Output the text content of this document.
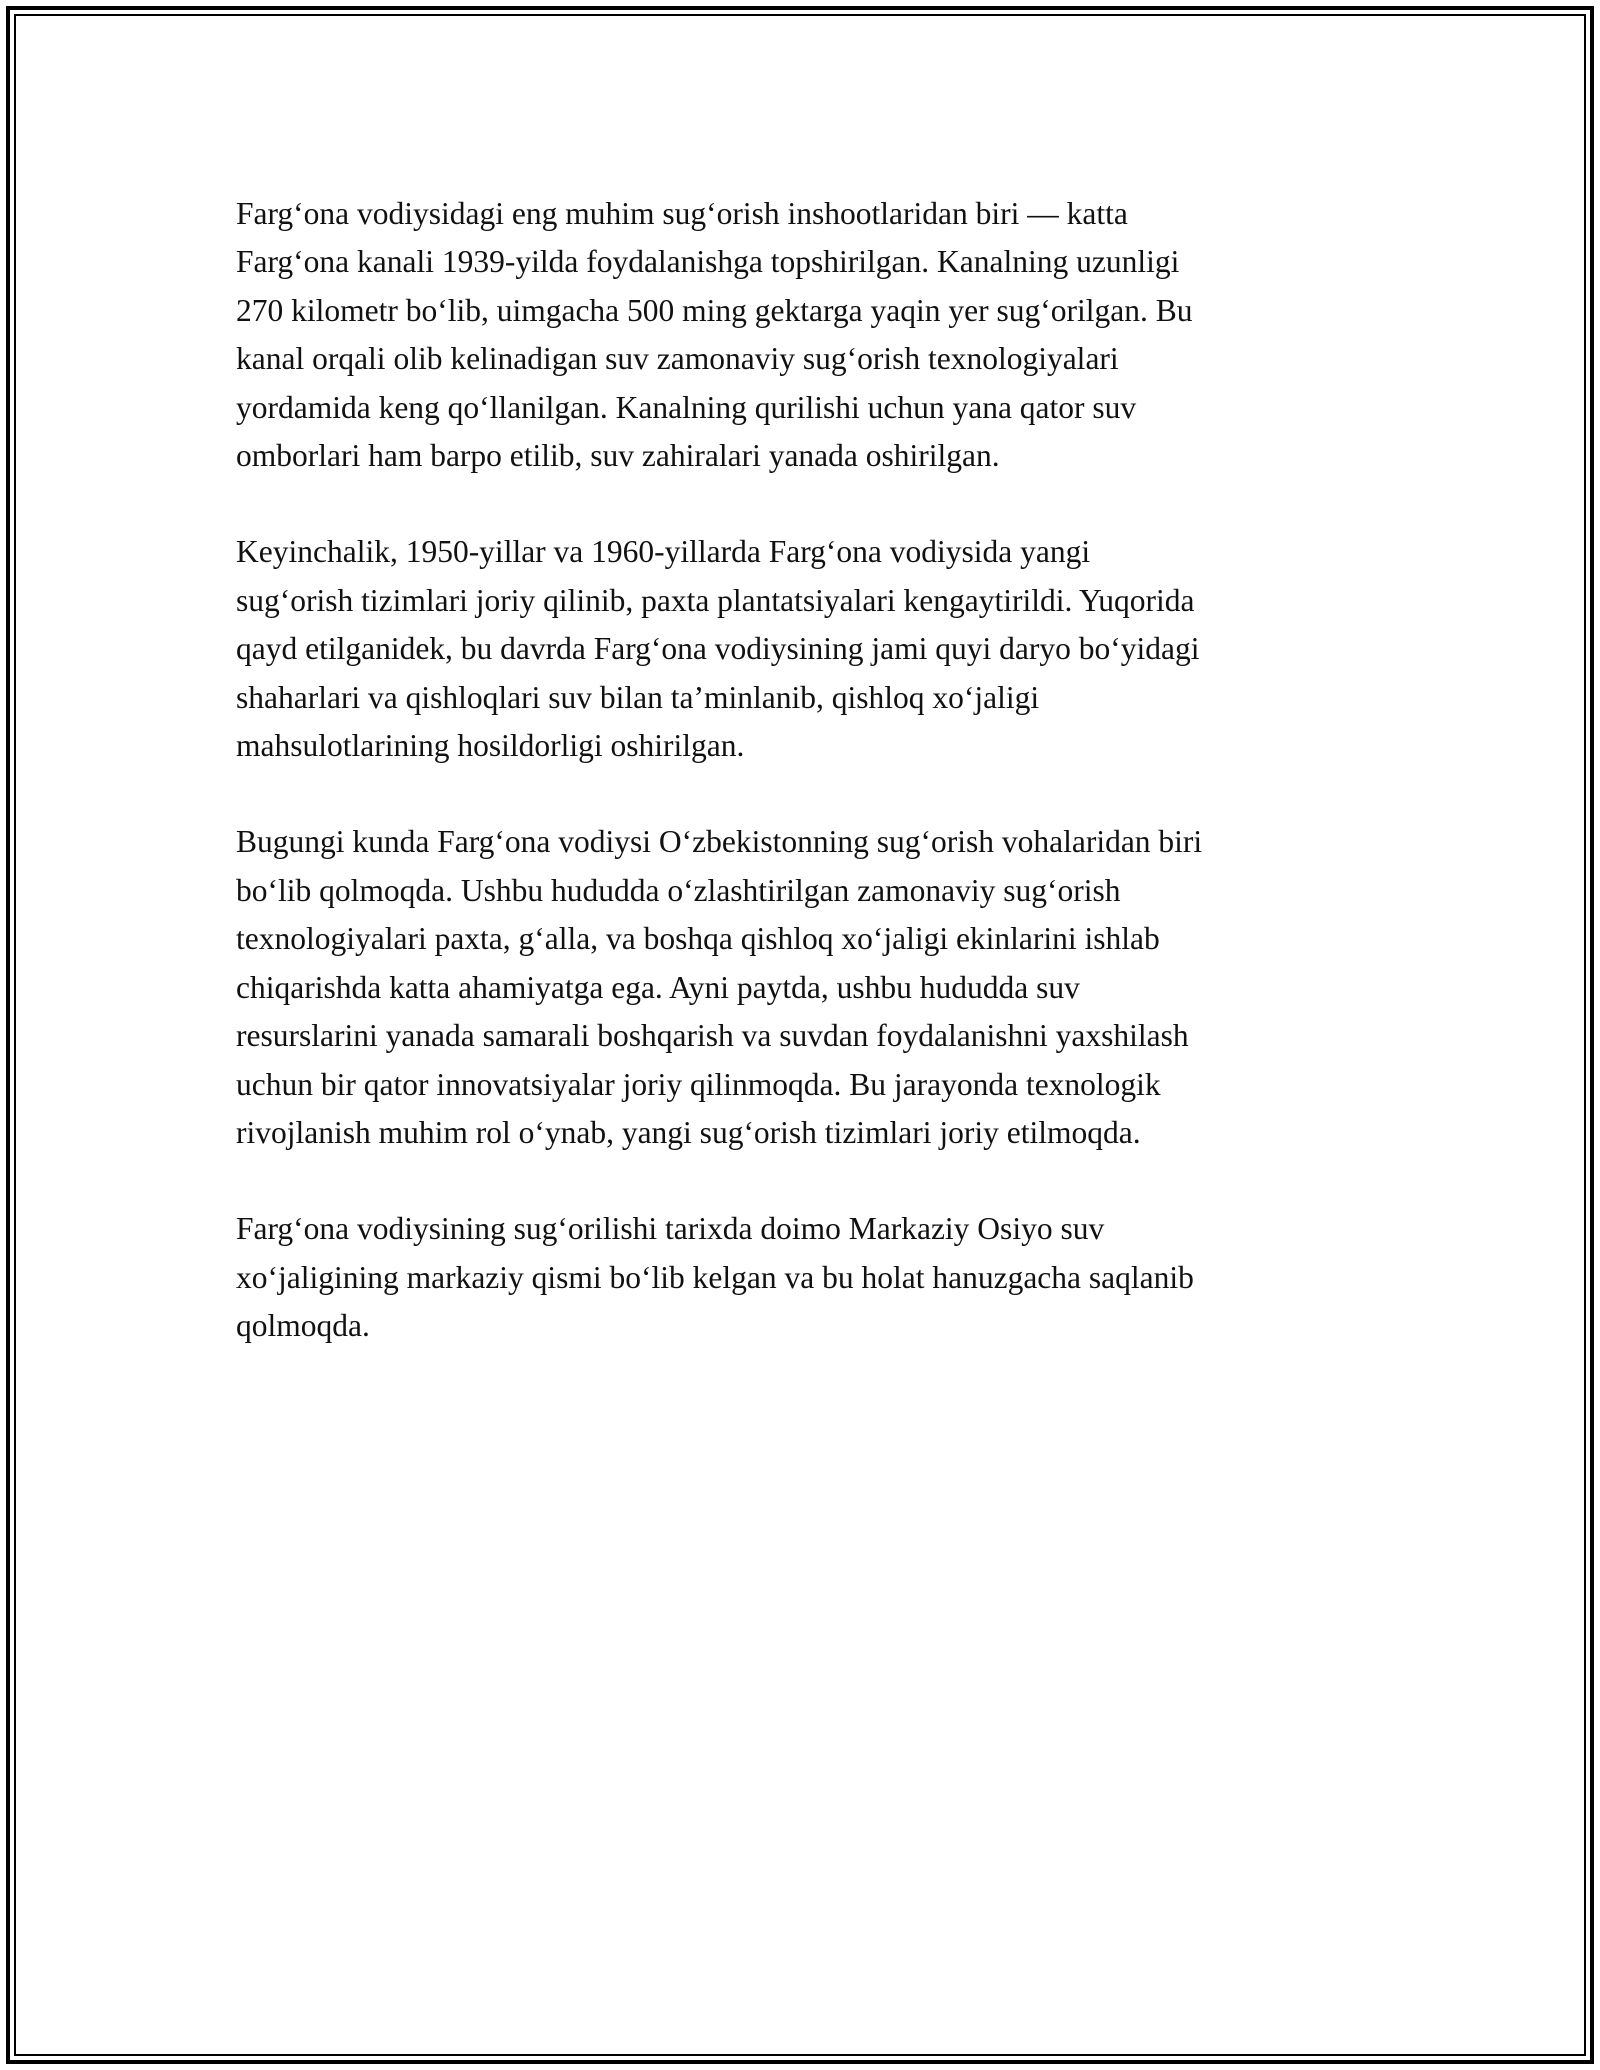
Farg‘ona vodiysidagi eng muhim sug‘orish inshootlaridan biri — katta
Farg‘ona kanali 1939-yilda foydalanishga topshirilgan. Kanalning uzunligi
270 kilometr bo‘lib, uimgacha 500 ming gektarga yaqin yer sug‘orilgan. Bu
kanal orqali olib kelinadigan suv zamonaviy sug‘orish texnologiyalari
yordamida keng qo‘llanilgan. Kanalning qurilishi uchun yana qator suv
omborlari ham barpo etilib, suv zahiralari yanada oshirilgan.

Keyinchalik, 1950-yillar va 1960-yillarda Farg‘ona vodiysida yangi
sug‘orish tizimlari joriy qilinib, paxta plantatsiyalari kengaytirildi. Yuqorida
qayd etilganidek, bu davrda Farg‘ona vodiysining jami quyi daryo bo‘yidagi
shaharlari va qishloqlari suv bilan ta’minlanib, qishloq xo‘jaligi
mahsulotlarining hosildorligi oshirilgan.

Bugungi kunda Farg‘ona vodiysi O‘zbekistonning sug‘orish vohalaridan biri
bo‘lib qolmoqda. Ushbu hududda o‘zlashtirilgan zamonaviy sug‘orish
texnologiyalari paxta, g‘alla, va boshqa qishloq xo‘jaligi ekinlarini ishlab
chiqarishda katta ahamiyatga ega. Ayni paytda, ushbu hududda suv
resurslarini yanada samarali boshqarish va suvdan foydalanishni yaxshilash
uchun bir qator innovatsiyalar joriy qilinmoqda. Bu jarayonda texnologik
rivojlanish muhim rol o‘ynab, yangi sug‘orish tizimlari joriy etilmoqda.

Farg‘ona vodiysining sug‘orilishi tarixda doimo Markaziy Osiyo suv
xo‘jaligining markaziy qismi bo‘lib kelgan va bu holat hanuzgacha saqlanib
qolmoqda.
